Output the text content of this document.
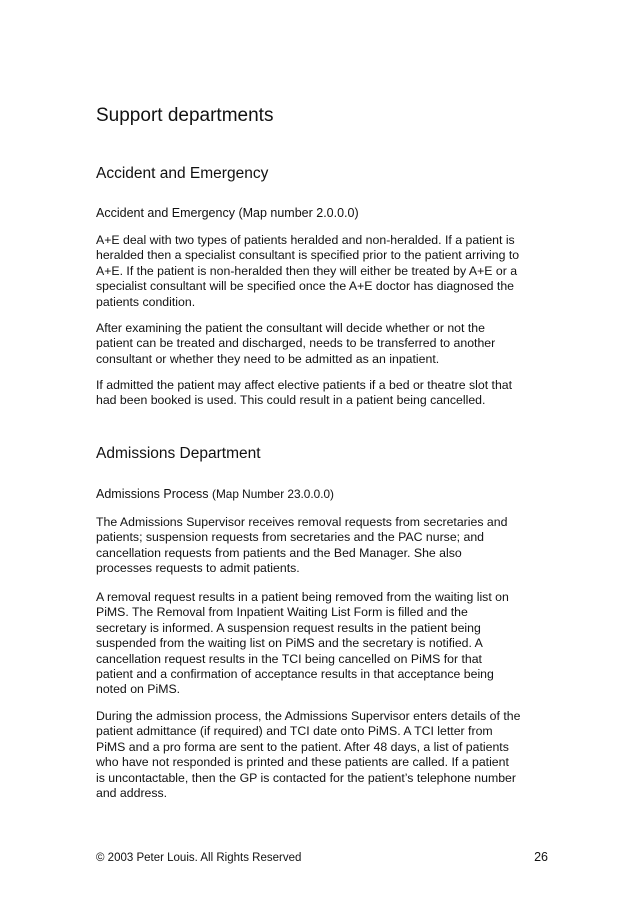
Support departments
Accident and Emergency

Accident and Emergency (Map number 2.0.0.0)

A+E deal with two types of patients heralded and non-heralded. If a patient is
heralded then a specialist consultant is specified prior to the patient arriving to
A+E. If the patient is non-heralded then they will either be treated by A+E or a
specialist consultant will be specified once the A+E doctor has diagnosed the
patients condition.
After examining the patient the consultant will decide whether or not the
patient can be treated and discharged, needs to be transferred to another
consultant or whether they need to be admitted as an inpatient.
If admitted the patient may affect elective patients if a bed or theatre slot that
had been booked is used. This could result in a patient being cancelled.
Admissions Department

Admissions Process (Map Number 23.0.0.0)

The Admissions Supervisor receives removal requests from secretaries and
patients; suspension requests from secretaries and the PAC nurse; and
cancellation requests from patients and the Bed Manager. She also
processes requests to admit patients.
A removal request results in a patient being removed from the waiting list on
PiMS. The Removal from Inpatient Waiting List Form is filled and the
secretary is informed. A suspension request results in the patient being
suspended from the waiting list on PiMS and the secretary is notified. A
cancellation request results in the TCI being cancelled on PiMS for that
patient and a confirmation of acceptance results in that acceptance being
noted on PiMS.
During the admission process, the Admissions Supervisor enters details of the
patient admittance (if required) and TCI date onto PiMS. A TCI letter from
PiMS and a pro forma are sent to the patient. After 48 days, a list of patients
who have not responded is printed and these patients are called. If a patient
is uncontactable, then the GP is contacted for the patient’s telephone number
and address.
© 2003 Peter Louis. All Rights Reserved	26
